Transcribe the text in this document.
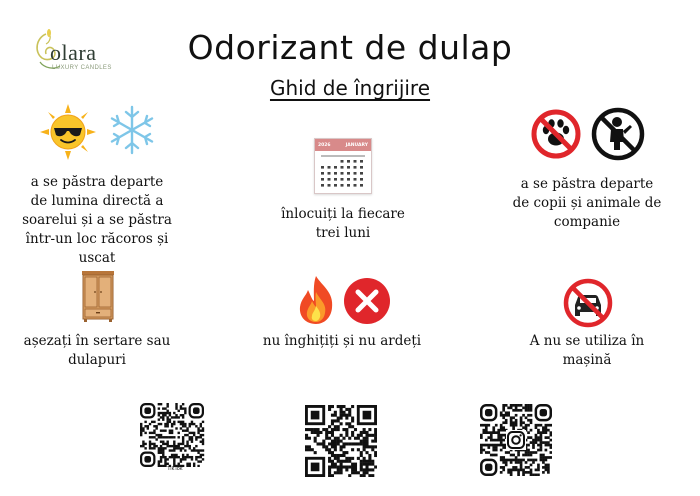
olara
LUXURY CANDLES
Odorizant de dulap
Ghid de îngrijire
a se păstra departe de lumina directă a soarelui și a se păstra într-un loc răcoros și uscat
2026	JANUARY
înlocuiți la fiecare trei luni
a se păstra departe de copii și animale de companie
așezați în sertare sau dulapuri
nu înghițiți și nu ardeți	A nu se utiliza în mașină
TikTok
